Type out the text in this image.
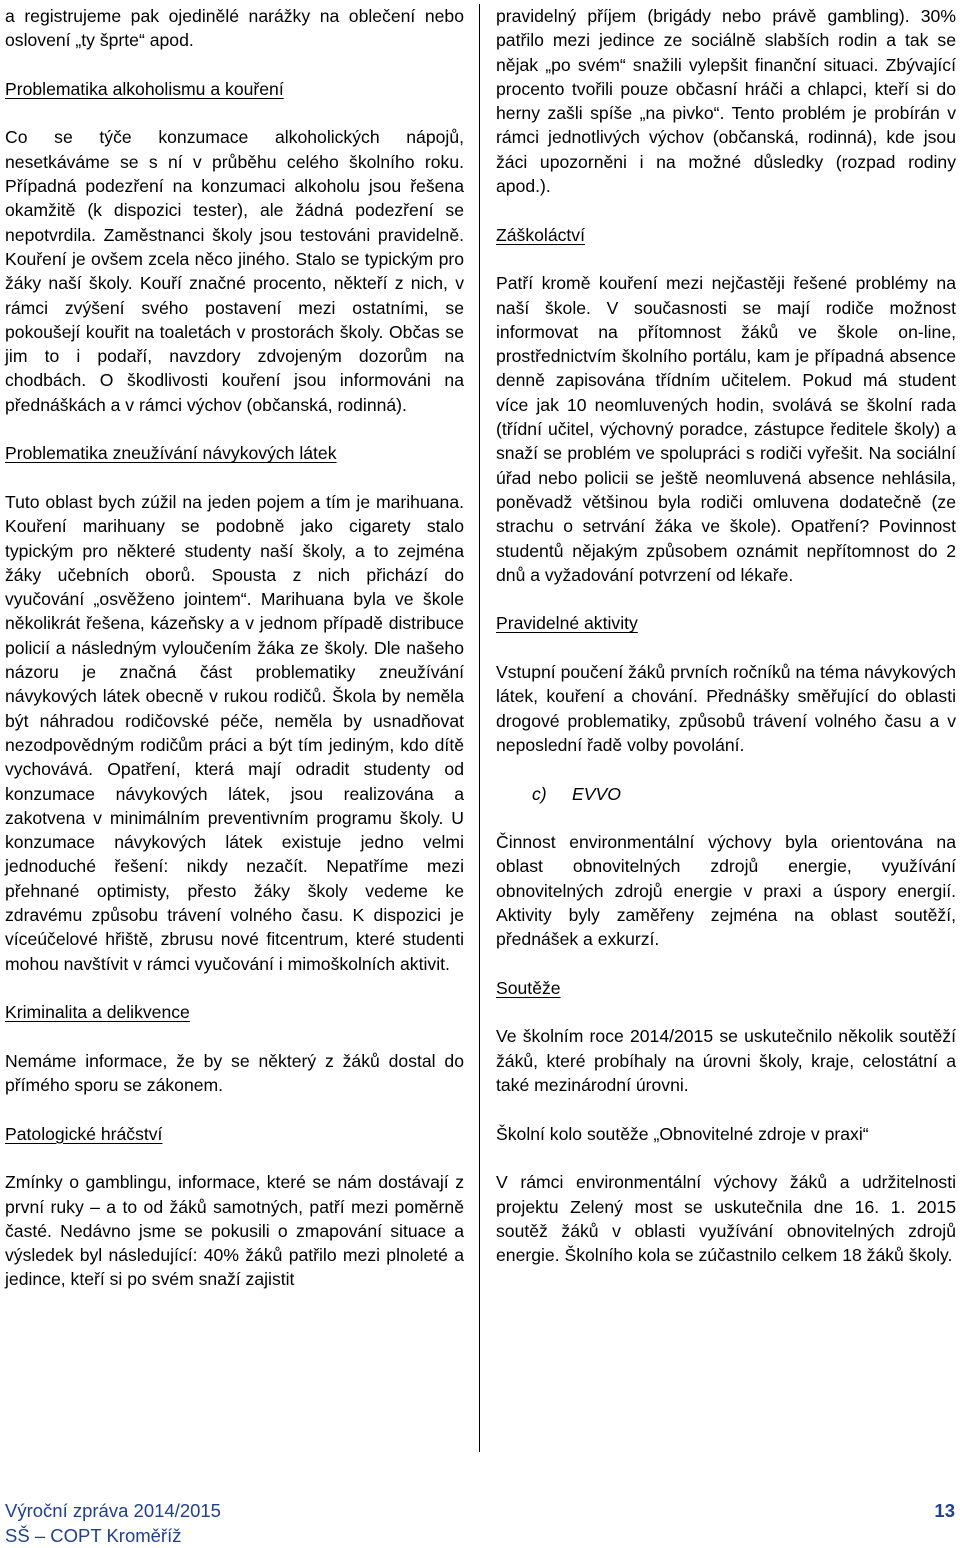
a registrujeme pak ojedinělé narážky na oblečení nebo oslovení „ty šprte“ apod.

Problematika alkoholismu a kouření

Co se týče konzumace alkoholických nápojů, nesetkáváme se s ní v průběhu celého školního roku. Případná podezření na konzumaci alkoholu jsou řešena okamžitě (k dispozici tester), ale žádná podezření se nepotvrdila. Zaměstnanci školy jsou testováni pravidelně. Kouření je ovšem zcela něco jiného. Stalo se typickým pro žáky naší školy. Kouří značné procento, někteří z nich, v rámci zvýšení svého postavení mezi ostatními, se pokoušejí kouřit na toaletách v prostorách školy. Občas se jim to i podaří, navzdory zdvojeným dozorům na chodbách. O škodlivosti kouření jsou informováni na přednáškách a v rámci výchov (občanská, rodinná).

Problematika zneužívání návykových látek

Tuto oblast bych zúžil na jeden pojem a tím je marihuana. Kouření marihuany se podobně jako cigarety stalo typickým pro některé studenty naší školy, a to zejména žáky učebních oborů. Spousta z nich přichází do vyučování „osvěženo jointem“. Marihuana byla ve škole několikrát řešena, kázeňsky a v jednom případě distribuce policií a následným vyloučením žáka ze školy. Dle našeho názoru je značná část problematiky zneužívání návykových látek obecně v rukou rodičů. Škola by neměla být náhradou rodičovské péče, neměla by usnadňovat nezodpovědným rodičům práci a být tím jediným, kdo dítě vychovává. Opatření, která mají odradit studenty od konzumace návykových látek, jsou realizována a zakotvena v minimálním preventivním programu školy. U konzumace návykových látek existuje jedno velmi jednoduché řešení: nikdy nezačít. Nepatříme mezi přehnané optimisty, přesto žáky školy vedeme ke zdravému způsobu trávení volného času. K dispozici je víceúčelové hřiště, zbrusu nové fitcentrum, které studenti mohou navštívit v rámci vyučování i mimoškolních aktivit.

Kriminalita a delikvence

Nemáme informace, že by se některý z žáků dostal do přímého sporu se zákonem.

Patologické hráčství

Zmínky o gamblingu, informace, které se nám dostávají z první ruky – a to od žáků samotných, patří mezi poměrně časté. Nedávno jsme se pokusili o zmapování situace a výsledek byl následující: 40% žáků patřilo mezi plnoleté a jedince, kteří si po svém snaží zajistit

pravidelný příjem (brigády nebo právě gambling). 30% patřilo mezi jedince ze sociálně slabších rodin a tak se nějak „po svém“ snažili vylepšit finanční situaci. Zbývající procento tvořili pouze občasní hráči a chlapci, kteří si do herny zašli spíše „na pivko“. Tento problém je probírán v rámci jednotlivých výchov (občanská, rodinná), kde jsou žáci upozorněni i na možné důsledky (rozpad rodiny apod.).

Záškoláctví

Patří kromě kouření mezi nejčastěji řešené problémy na naší škole. V současnosti se mají rodiče možnost informovat na přítomnost žáků ve škole on-line, prostřednictvím školního portálu, kam je případná absence denně zapisována třídním učitelem. Pokud má student více jak 10 neomluvených hodin, svolává se školní rada (třídní učitel, výchovný poradce, zástupce ředitele školy) a snaží se problém ve spolupráci s rodiči vyřešit. Na sociální úřad nebo policii se ještě neomluvená absence nehlásila, poněvadž většinou byla rodiči omluvena dodatečně (ze strachu o setrvání žáka ve škole). Opatření? Povinnost studentů nějakým způsobem oznámit nepřítomnost do 2 dnů a vyžadování potvrzení od lékaře.

Pravidelné aktivity

Vstupní poučení žáků prvních ročníků na téma návykových látek, kouření a chování. Přednášky směřující do oblasti drogové problematiky, způsobů trávení volného času a v neposlední řadě volby povolání.

c) EVVO

Činnost environmentální výchovy byla orientována na oblast obnovitelných zdrojů energie, využívání obnovitelných zdrojů energie v praxi a úspory energií. Aktivity byly zaměřeny zejména na oblast soutěží, přednášek a exkurzí.

Soutěže

Ve školním roce 2014/2015 se uskutečnilo několik soutěží žáků, které probíhaly na úrovni školy, kraje, celostátní a také mezinárodní úrovni.

Školní kolo soutěže „Obnovitelné zdroje v praxi“

V rámci environmentální výchovy žáků a udržitelnosti projektu Zelený most se uskutečnila dne 16. 1. 2015 soutěž žáků v oblasti využívání obnovitelných zdrojů energie. Školního kola se zúčastnilo celkem 18 žáků školy.

Výroční zpráva 2014/2015
SŠ – COPT Kroměříž
13
